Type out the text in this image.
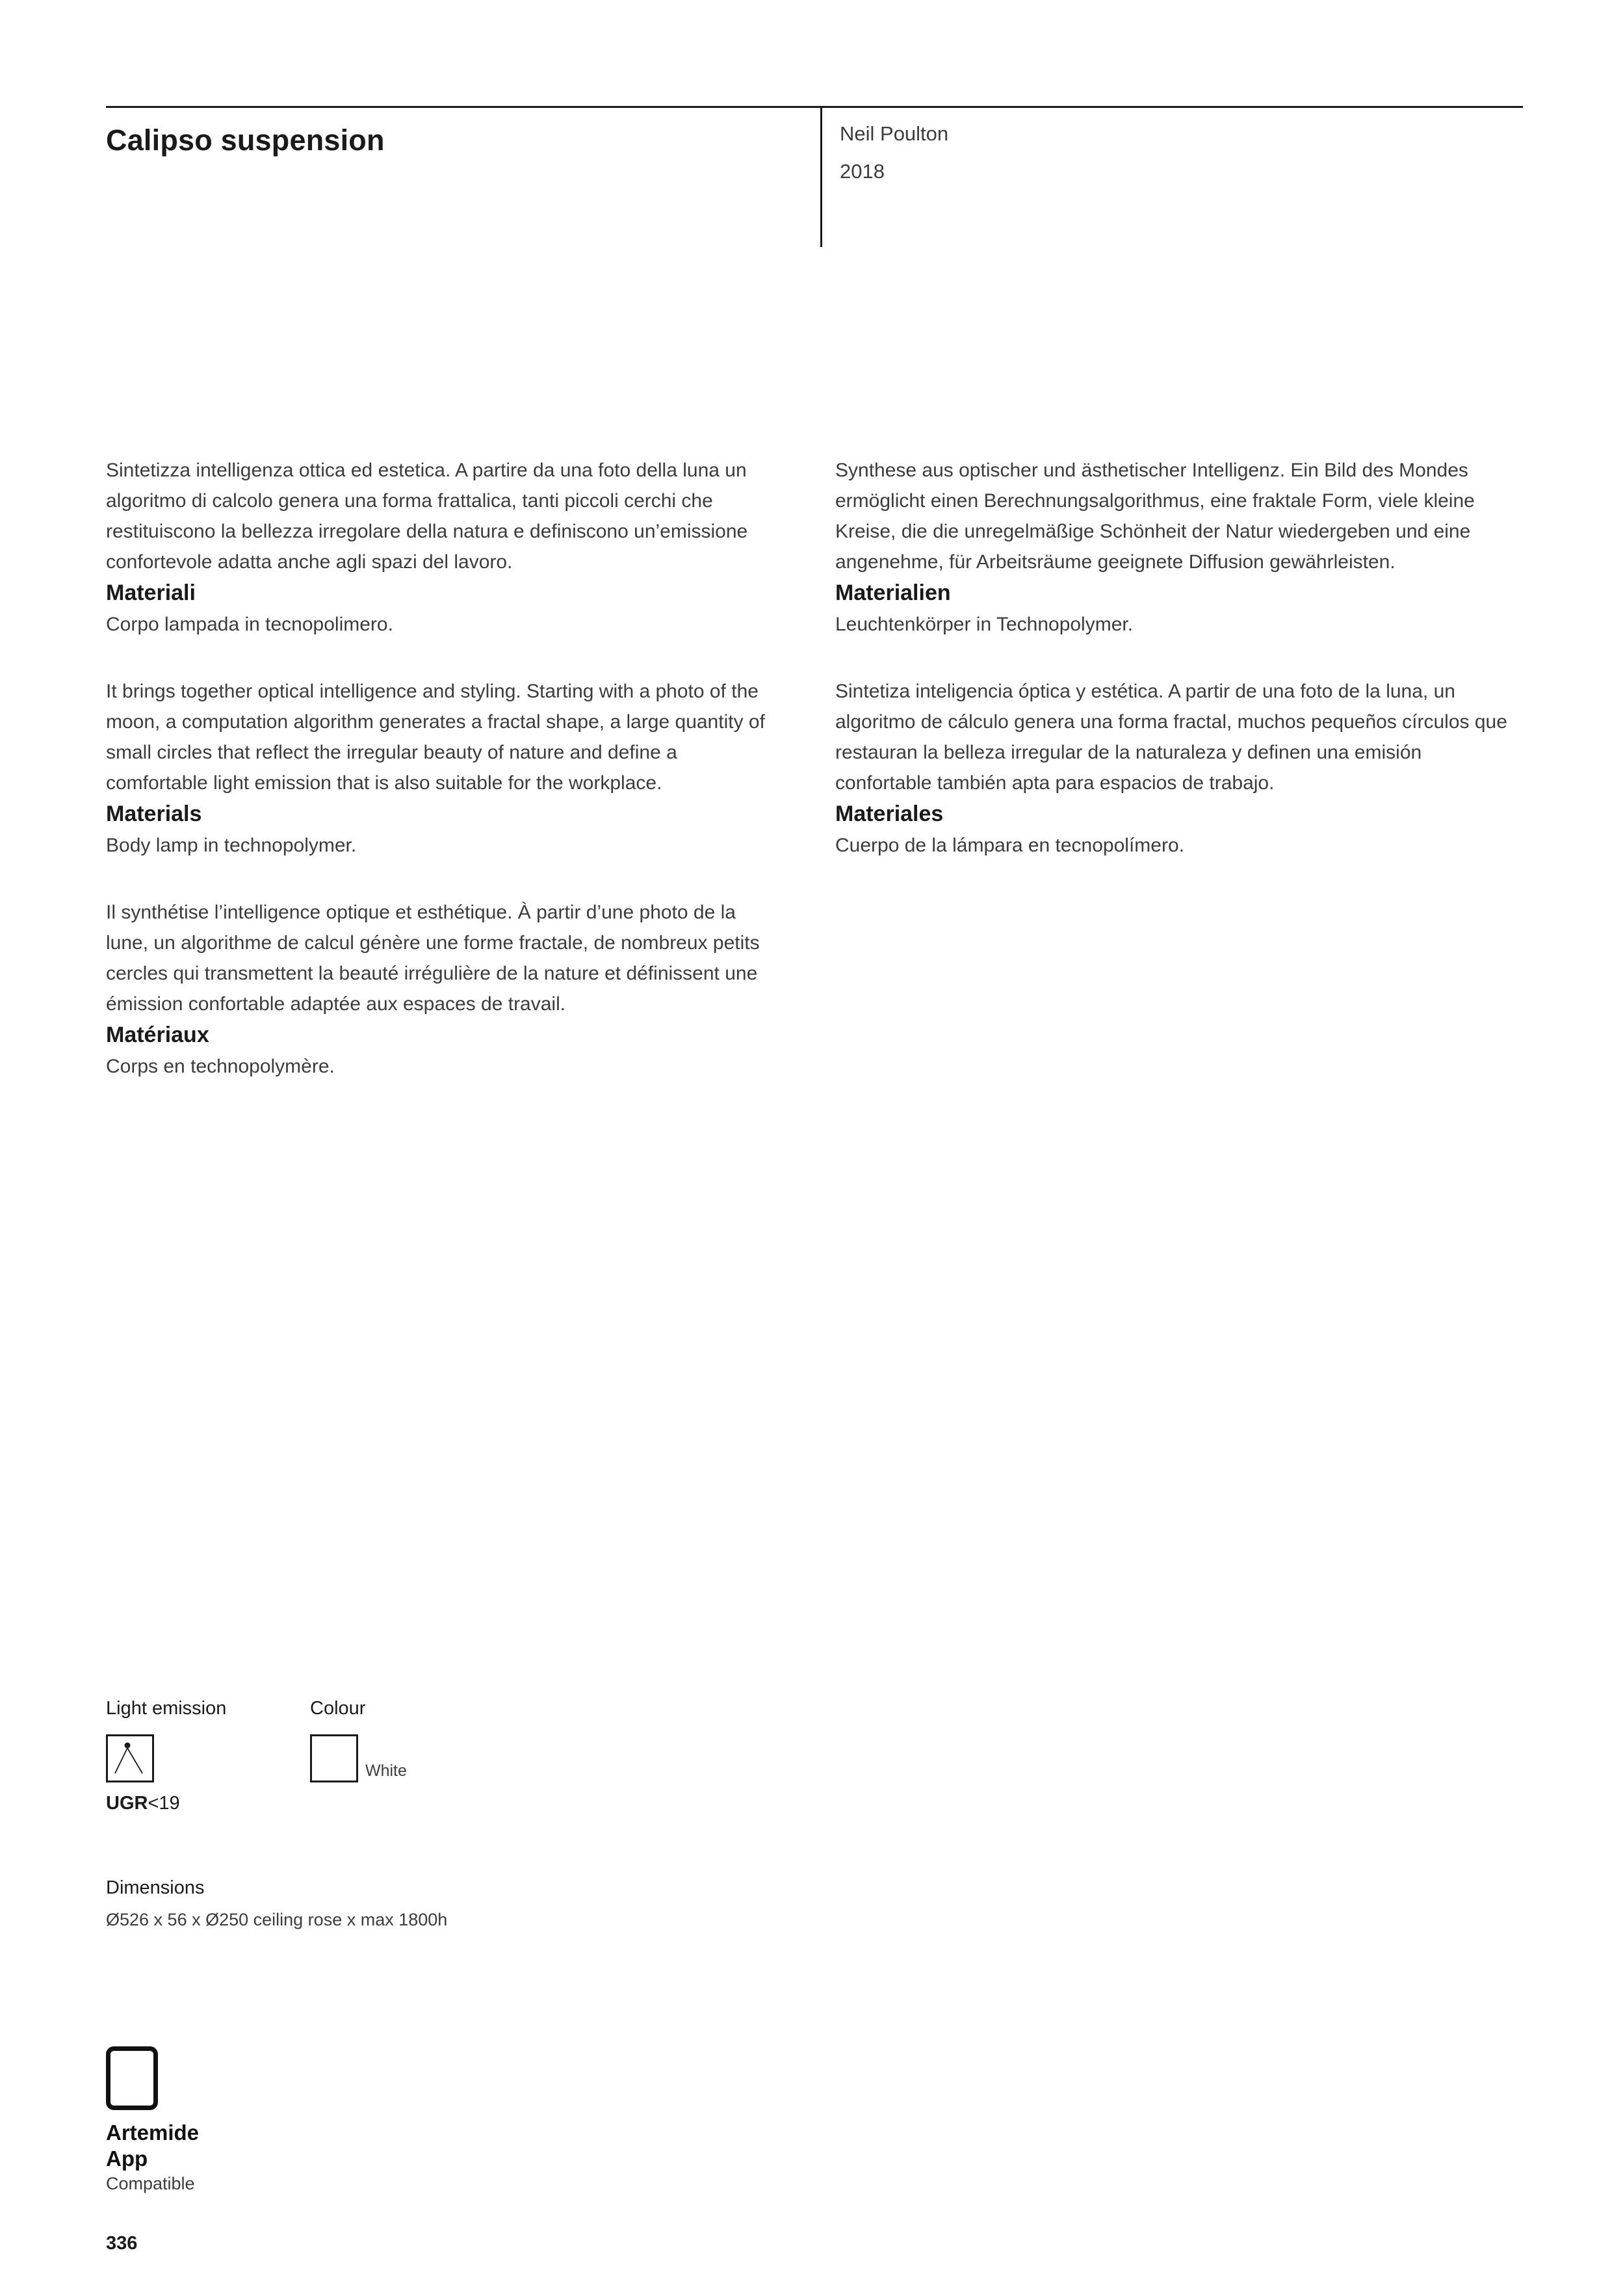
Calipso suspension	Neil Poulton
2018

Sintetizza intelligenza ottica ed estetica. A partire da una foto della luna un algoritmo di calcolo genera una forma frattalica, tanti piccoli cerchi che restituiscono la bellezza irregolare della natura e definiscono un’emissione confortevole adatta anche agli spazi del lavoro.

Materiali

Corpo lampada in tecnopolimero.

It brings together optical intelligence and styling. Starting with a photo of the moon, a computation algorithm generates a fractal shape, a large quantity of small circles that reflect the irregular beauty of nature and define a comfortable light emission that is also suitable for the workplace.

Materials

Body lamp in technopolymer.

Il synthétise l’intelligence optique et esthétique. À partir d’une photo de la lune, un algorithme de calcul génère une forme fractale, de nombreux petits cercles qui transmettent la beauté irrégulière de la nature et définissent une émission confortable adaptée aux espaces de travail.

Matériaux

Corps en technopolymère.

Synthese aus optischer und ästhetischer Intelligenz. Ein Bild des Mondes ermöglicht einen Berechnungsalgorithmus, eine fraktale Form, viele kleine Kreise, die die unregelmäßige Schönheit der Natur wiedergeben und eine angenehme, für Arbeitsräume geeignete Diffusion gewährleisten.

Materialien

Leuchtenkörper in Technopolymer.

Sintetiza inteligencia óptica y estética. A partir de una foto de la luna, un algoritmo de cálculo genera una forma fractal, muchos pequeños círculos que restauran la belleza irregular de la naturaleza y definen una emisión confortable también apta para espacios de trabajo.

Materiales

Cuerpo de la lámpara en tecnopolímero.

Light emission	Colour
White
UGR<19
Dimensions
Ø526 x 56 x Ø250 ceiling rose x max 1800h
Artemide
App
Compatible
336
